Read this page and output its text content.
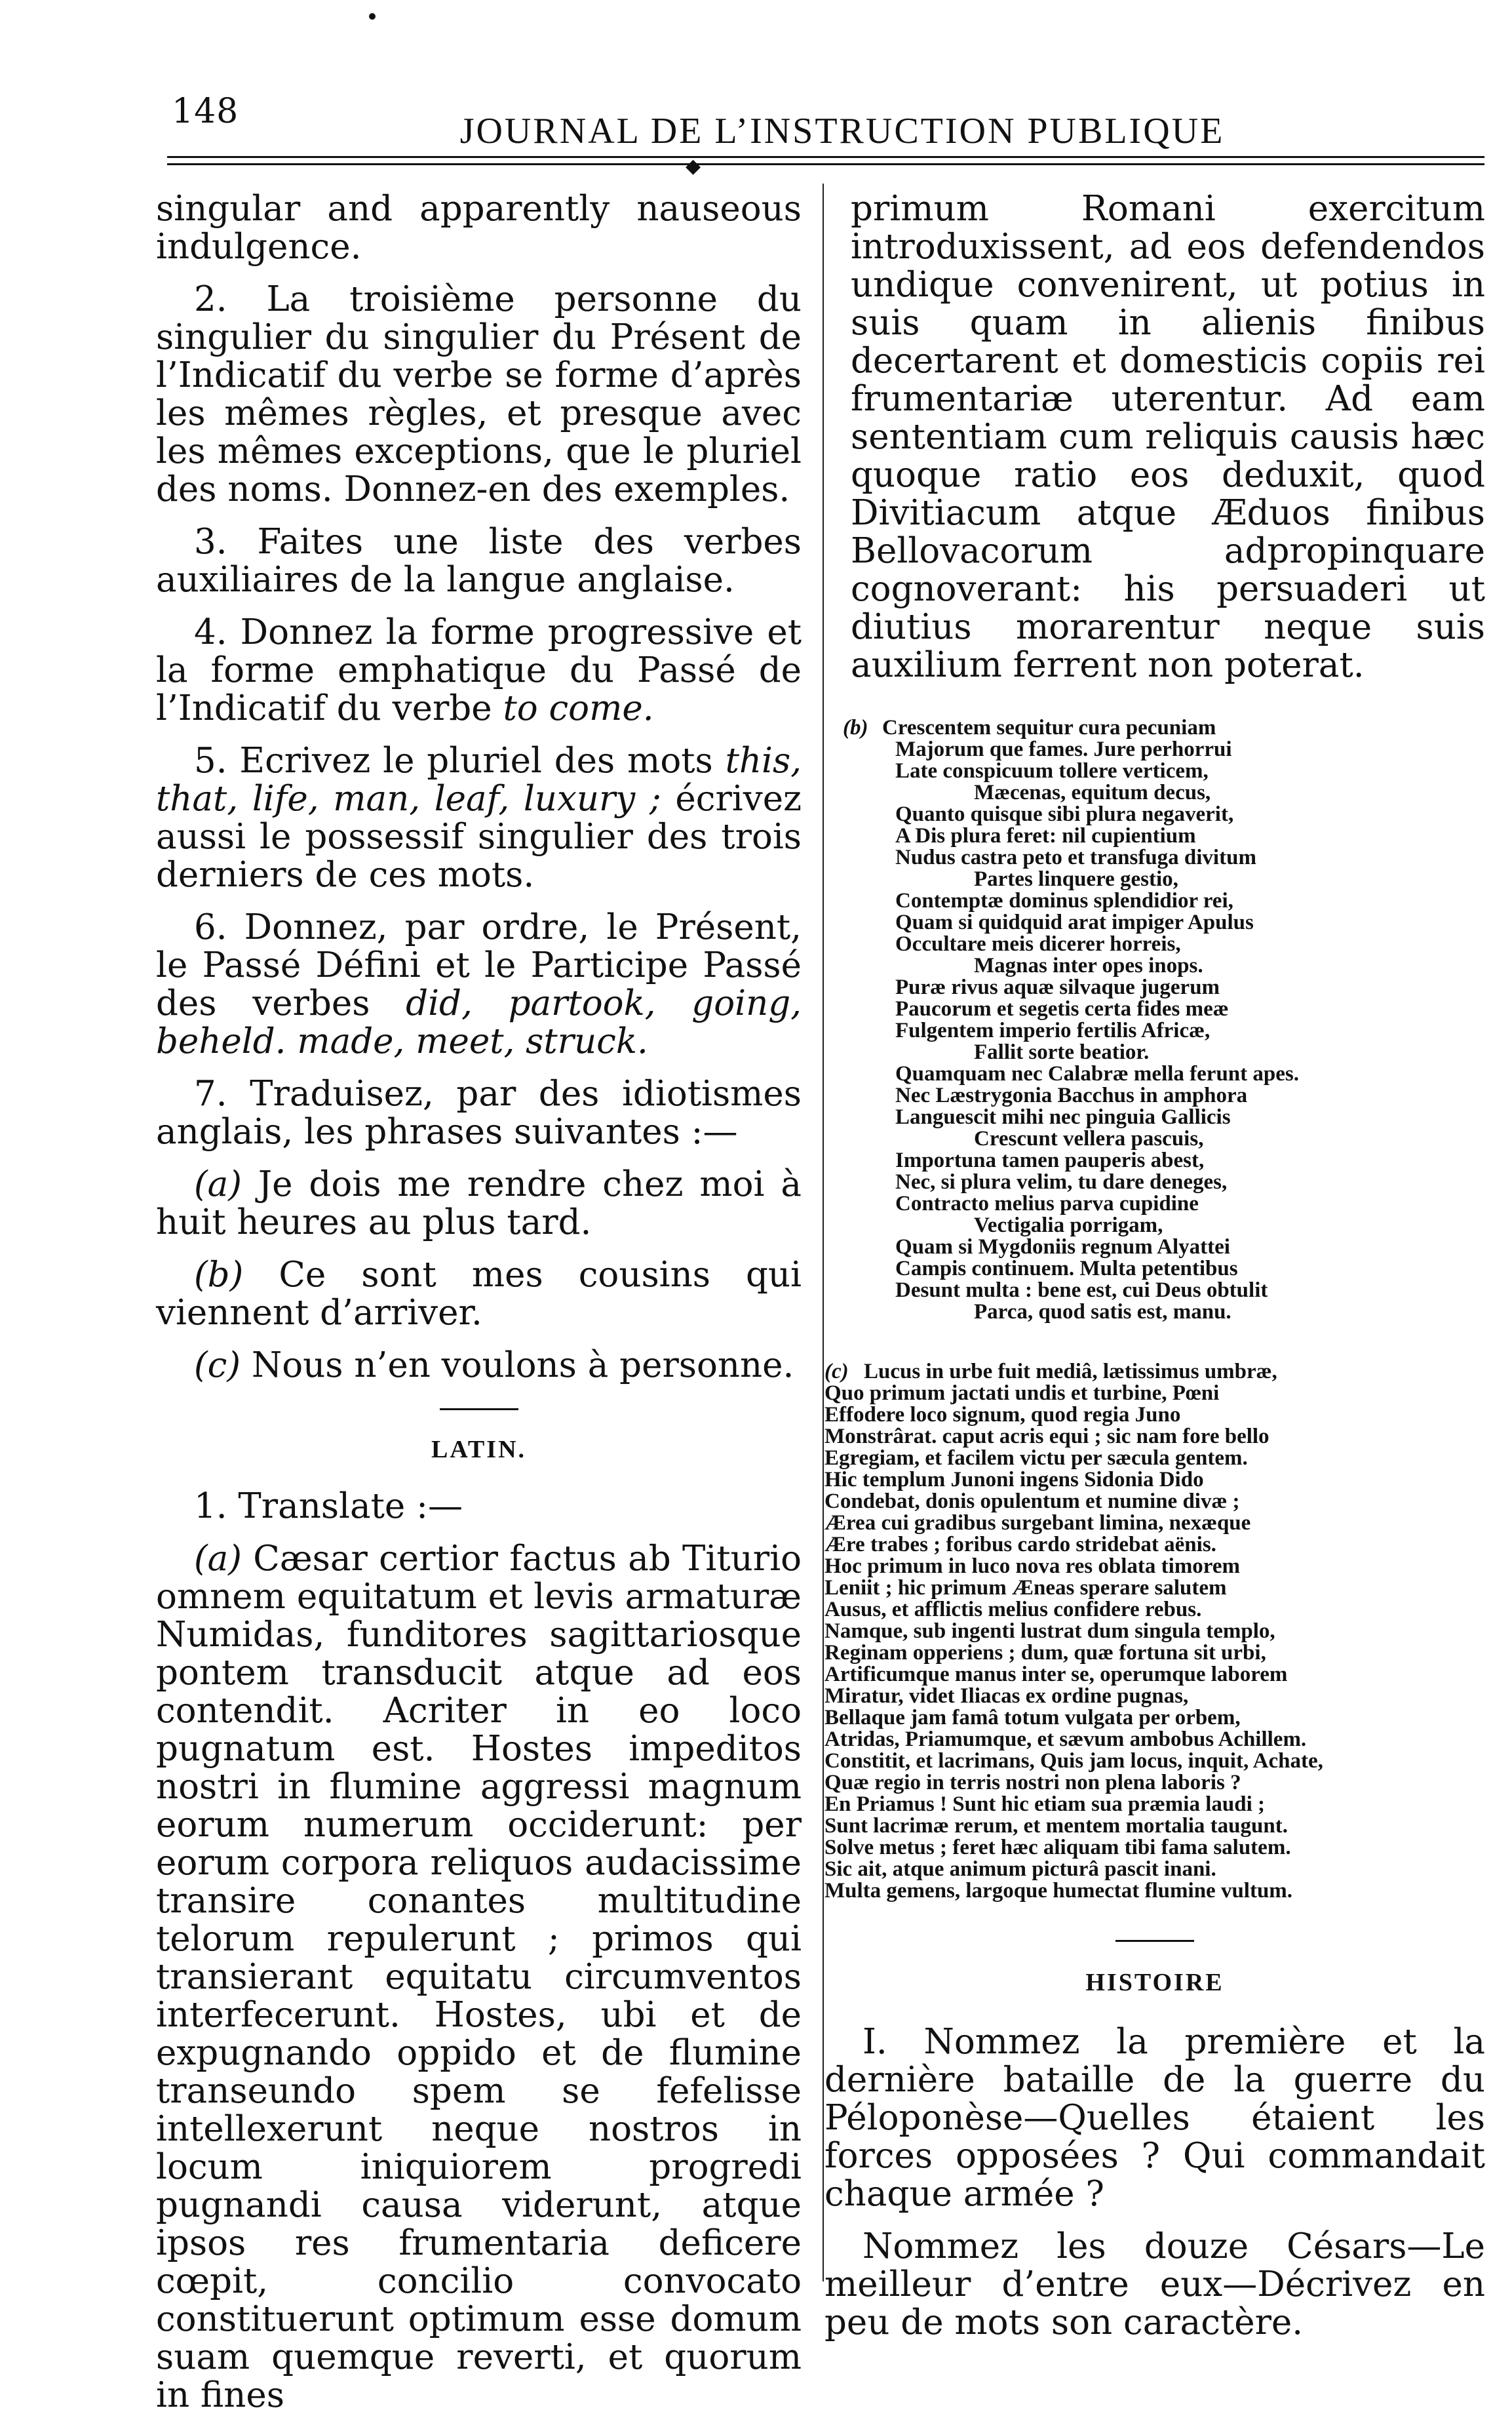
148	JOURNAL DE L’INSTRUCTION PUBLIQUE
◆

singular and apparently nauseous indulgence.

2. La troisième personne du singulier du singulier du Présent de l’Indicatif du verbe se forme d’après les mêmes règles, et presque avec les mêmes exceptions, que le pluriel des noms. Donnez-en des exemples.

3. Faites une liste des verbes auxiliaires de la langue anglaise.

4. Donnez la forme progressive et la forme emphatique du Passé de l’Indicatif du verbe to come.

5. Ecrivez le pluriel des mots this, that, life, man, leaf, luxury ; écrivez aussi le possessif singulier des trois derniers de ces mots.

6. Donnez, par ordre, le Présent, le Passé Défini et le Participe Passé des verbes did, partook, going, beheld. made, meet, struck.

7. Traduisez, par des idiotismes anglais, les phrases suivantes :—

(a) Je dois me rendre chez moi à huit heures au plus tard.

(b) Ce sont mes cousins qui viennent d’arriver.

(c) Nous n’en voulons à personne.

LATIN.

1. Translate :—

(a) Cæsar certior factus ab Titurio omnem equitatum et levis armaturæ Numidas, funditores sagittariosque pontem transducit atque ad eos contendit. Acriter in eo loco pugnatum est. Hostes impeditos nostri in flumine aggressi magnum eorum numerum occiderunt: per eorum corpora reliquos audacissime transire conantes multitudine telorum repulerunt ; primos qui transierant equitatu circumventos interfecerunt. Hostes, ubi et de expugnando oppido et de flumine transeundo spem se fefelisse intellexerunt neque nostros in locum iniquiorem progredi pugnandi causa viderunt, atque ipsos res frumentaria deficere cœpit, concilio convocato constituerunt optimum esse domum suam quemque reverti, et quorum in fines

primum Romani exercitum introduxissent, ad eos defendendos undique convenirent, ut potius in suis quam in alienis finibus decertarent et domesticis copiis rei frumentariæ uterentur. Ad eam sententiam cum reliquis causis hæc quoque ratio eos deduxit, quod Divitiacum atque Æduos finibus Bellovacorum adpropinquare cognoverant: his persuaderi ut diutius morarentur neque suis auxilium ferrent non poterat.

(b) Crescentem sequitur cura pecuniam
Majorum que fames. Jure perhorrui
Late conspicuum tollere verticem,
Mæcenas, equitum decus,
Quanto quisque sibi plura negaverit,
A Dis plura feret: nil cupientium
Nudus castra peto et transfuga divitum
Partes linquere gestio,
Contemptæ dominus splendidior rei,
Quam si quidquid arat impiger Apulus
Occultare meis dicerer horreis,
Magnas inter opes inops.
Puræ rivus aquæ silvaque jugerum
Paucorum et segetis certa fides meæ
Fulgentem imperio fertilis Africæ,
Fallit sorte beatior.
Quamquam nec Calabræ mella ferunt apes.
Nec Læstrygonia Bacchus in amphora
Languescit mihi nec pinguia Gallicis
Crescunt vellera pascuis,
Importuna tamen pauperis abest,
Nec, si plura velim, tu dare deneges,
Contracto melius parva cupidine
Vectigalia porrigam,
Quam si Mygdoniis regnum Alyattei
Campis continuem. Multa petentibus
Desunt multa : bene est, cui Deus obtulit
Parca, quod satis est, manu.
(c) Lucus in urbe fuit mediâ, lætissimus umbræ,
Quo primum jactati undis et turbine, Pœni
Effodere loco signum, quod regia Juno
Monstrârat. caput acris equi ; sic nam fore bello
Egregiam, et facilem victu per sæcula gentem.
Hic templum Junoni ingens Sidonia Dido
Condebat, donis opulentum et numine divæ ;
Ærea cui gradibus surgebant limina, nexæque
Ære trabes ; foribus cardo stridebat aënis.
Hoc primum in luco nova res oblata timorem
Leniit ; hic primum Æneas sperare salutem
Ausus, et afflictis melius confidere rebus.
Namque, sub ingenti lustrat dum singula templo,
Reginam opperiens ; dum, quæ fortuna sit urbi,
Artificumque manus inter se, operumque laborem
Miratur, videt Iliacas ex ordine pugnas,
Bellaque jam famâ totum vulgata per orbem,
Atridas, Priamumque, et sævum ambobus Achillem.
Constitit, et lacrimans, Quis jam locus, inquit, Achate,
Quæ regio in terris nostri non plena laboris ?
En Priamus ! Sunt hic etiam sua præmia laudi ;
Sunt lacrimæ rerum, et mentem mortalia taugunt.
Solve metus ; feret hæc aliquam tibi fama salutem.
Sic ait, atque animum picturâ pascit inani.
Multa gemens, largoque humectat flumine vultum.
HISTOIRE

I. Nommez la première et la dernière bataille de la guerre du Péloponèse—Quelles étaient les forces opposées ? Qui commandait chaque armée ?

Nommez les douze Césars—Le meilleur d’entre eux—Décrivez en peu de mots son caractère.
